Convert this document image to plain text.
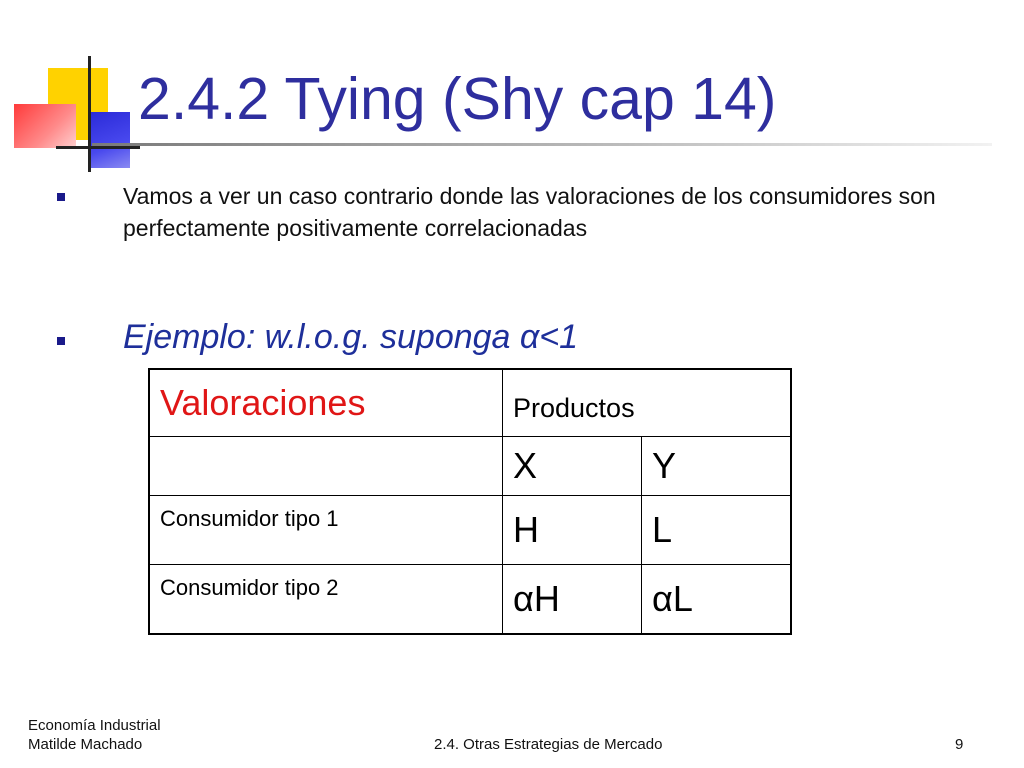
2.4.2 Tying (Shy cap 14)
Vamos a ver un caso contrario donde las valoraciones de los consumidores son perfectamente positivamente correlacionadas
Ejemplo: w.l.o.g. suponga α<1
Valoraciones	Productos	
	X	Y
Consumidor tipo 1	H	L
Consumidor tipo 2	αH	αL
Economía Industrial
Matilde Machado	2.4. Otras Estrategias de Mercado	9
